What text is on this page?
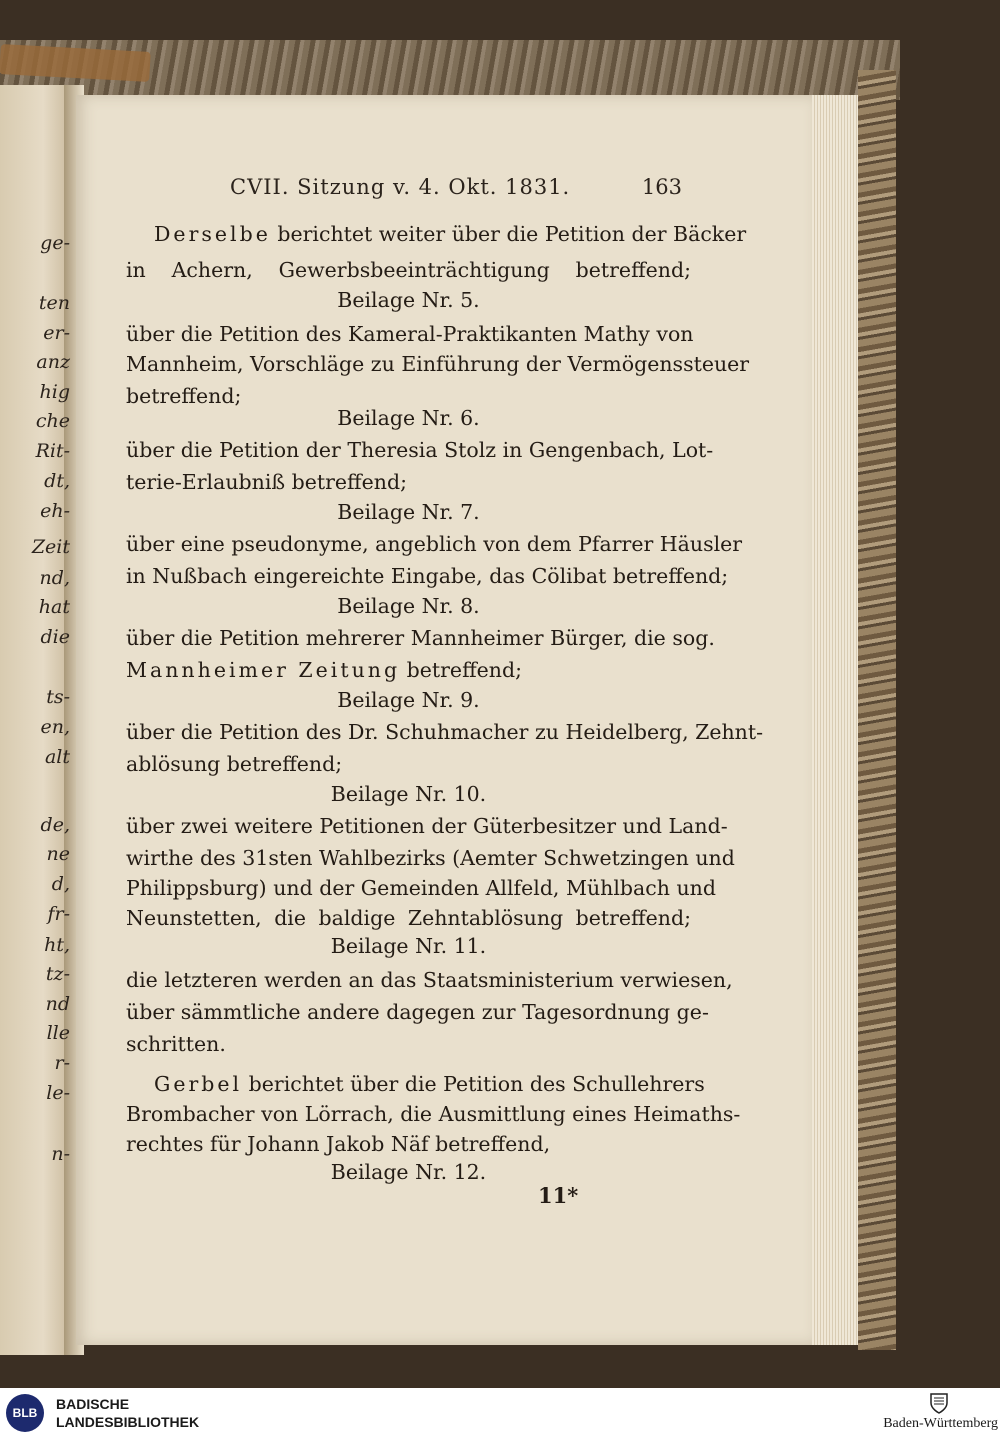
ge-
ten
er-
anz
hig
che
Rit-
dt,
eh-
Zeit
nd,
hat
die
ts-
en,
alt
de,
ne
d,
fr-
ht,
tz-
nd
lle
r-
le-
n-
CVII. Sitzung v. 4. Okt. 1831.	163
Derselbe berichtet weiter über die Petition der Bäcker
in Achern, Gewerbsbeeinträchtigung betreffend;
Beilage Nr. 5.
über die Petition des Kameral-Praktikanten Mathy von
Mannheim, Vorschläge zu Einführung der Vermögenssteuer
betreffend;
Beilage Nr. 6.
über die Petition der Theresia Stolz in Gengenbach, Lot-
terie-Erlaubniß betreffend;
Beilage Nr. 7.
über eine pseudonyme, angeblich von dem Pfarrer Häusler
in Nußbach eingereichte Eingabe, das Cölibat betreffend;
Beilage Nr. 8.
über die Petition mehrerer Mannheimer Bürger, die sog.
Mannheimer Zeitung betreffend;
Beilage Nr. 9.
über die Petition des Dr. Schuhmacher zu Heidelberg, Zehnt-
ablösung betreffend;
Beilage Nr. 10.
über zwei weitere Petitionen der Güterbesitzer und Land-
wirthe des 31sten Wahlbezirks (Aemter Schwetzingen und
Philippsburg) und der Gemeinden Allfeld, Mühlbach und
Neunstetten, die baldige Zehntablösung betreffend;
Beilage Nr. 11.
die letzteren werden an das Staatsministerium verwiesen,
über sämmtliche andere dagegen zur Tagesordnung ge-
schritten.
Gerbel berichtet über die Petition des Schullehrers
Brombacher von Lörrach, die Ausmittlung eines Heimaths-
rechtes für Johann Jakob Näf betreffend,
Beilage Nr. 12.
11*
BLB
BADISCHE
LANDESBIBLIOTHEK	Baden-Württemberg
